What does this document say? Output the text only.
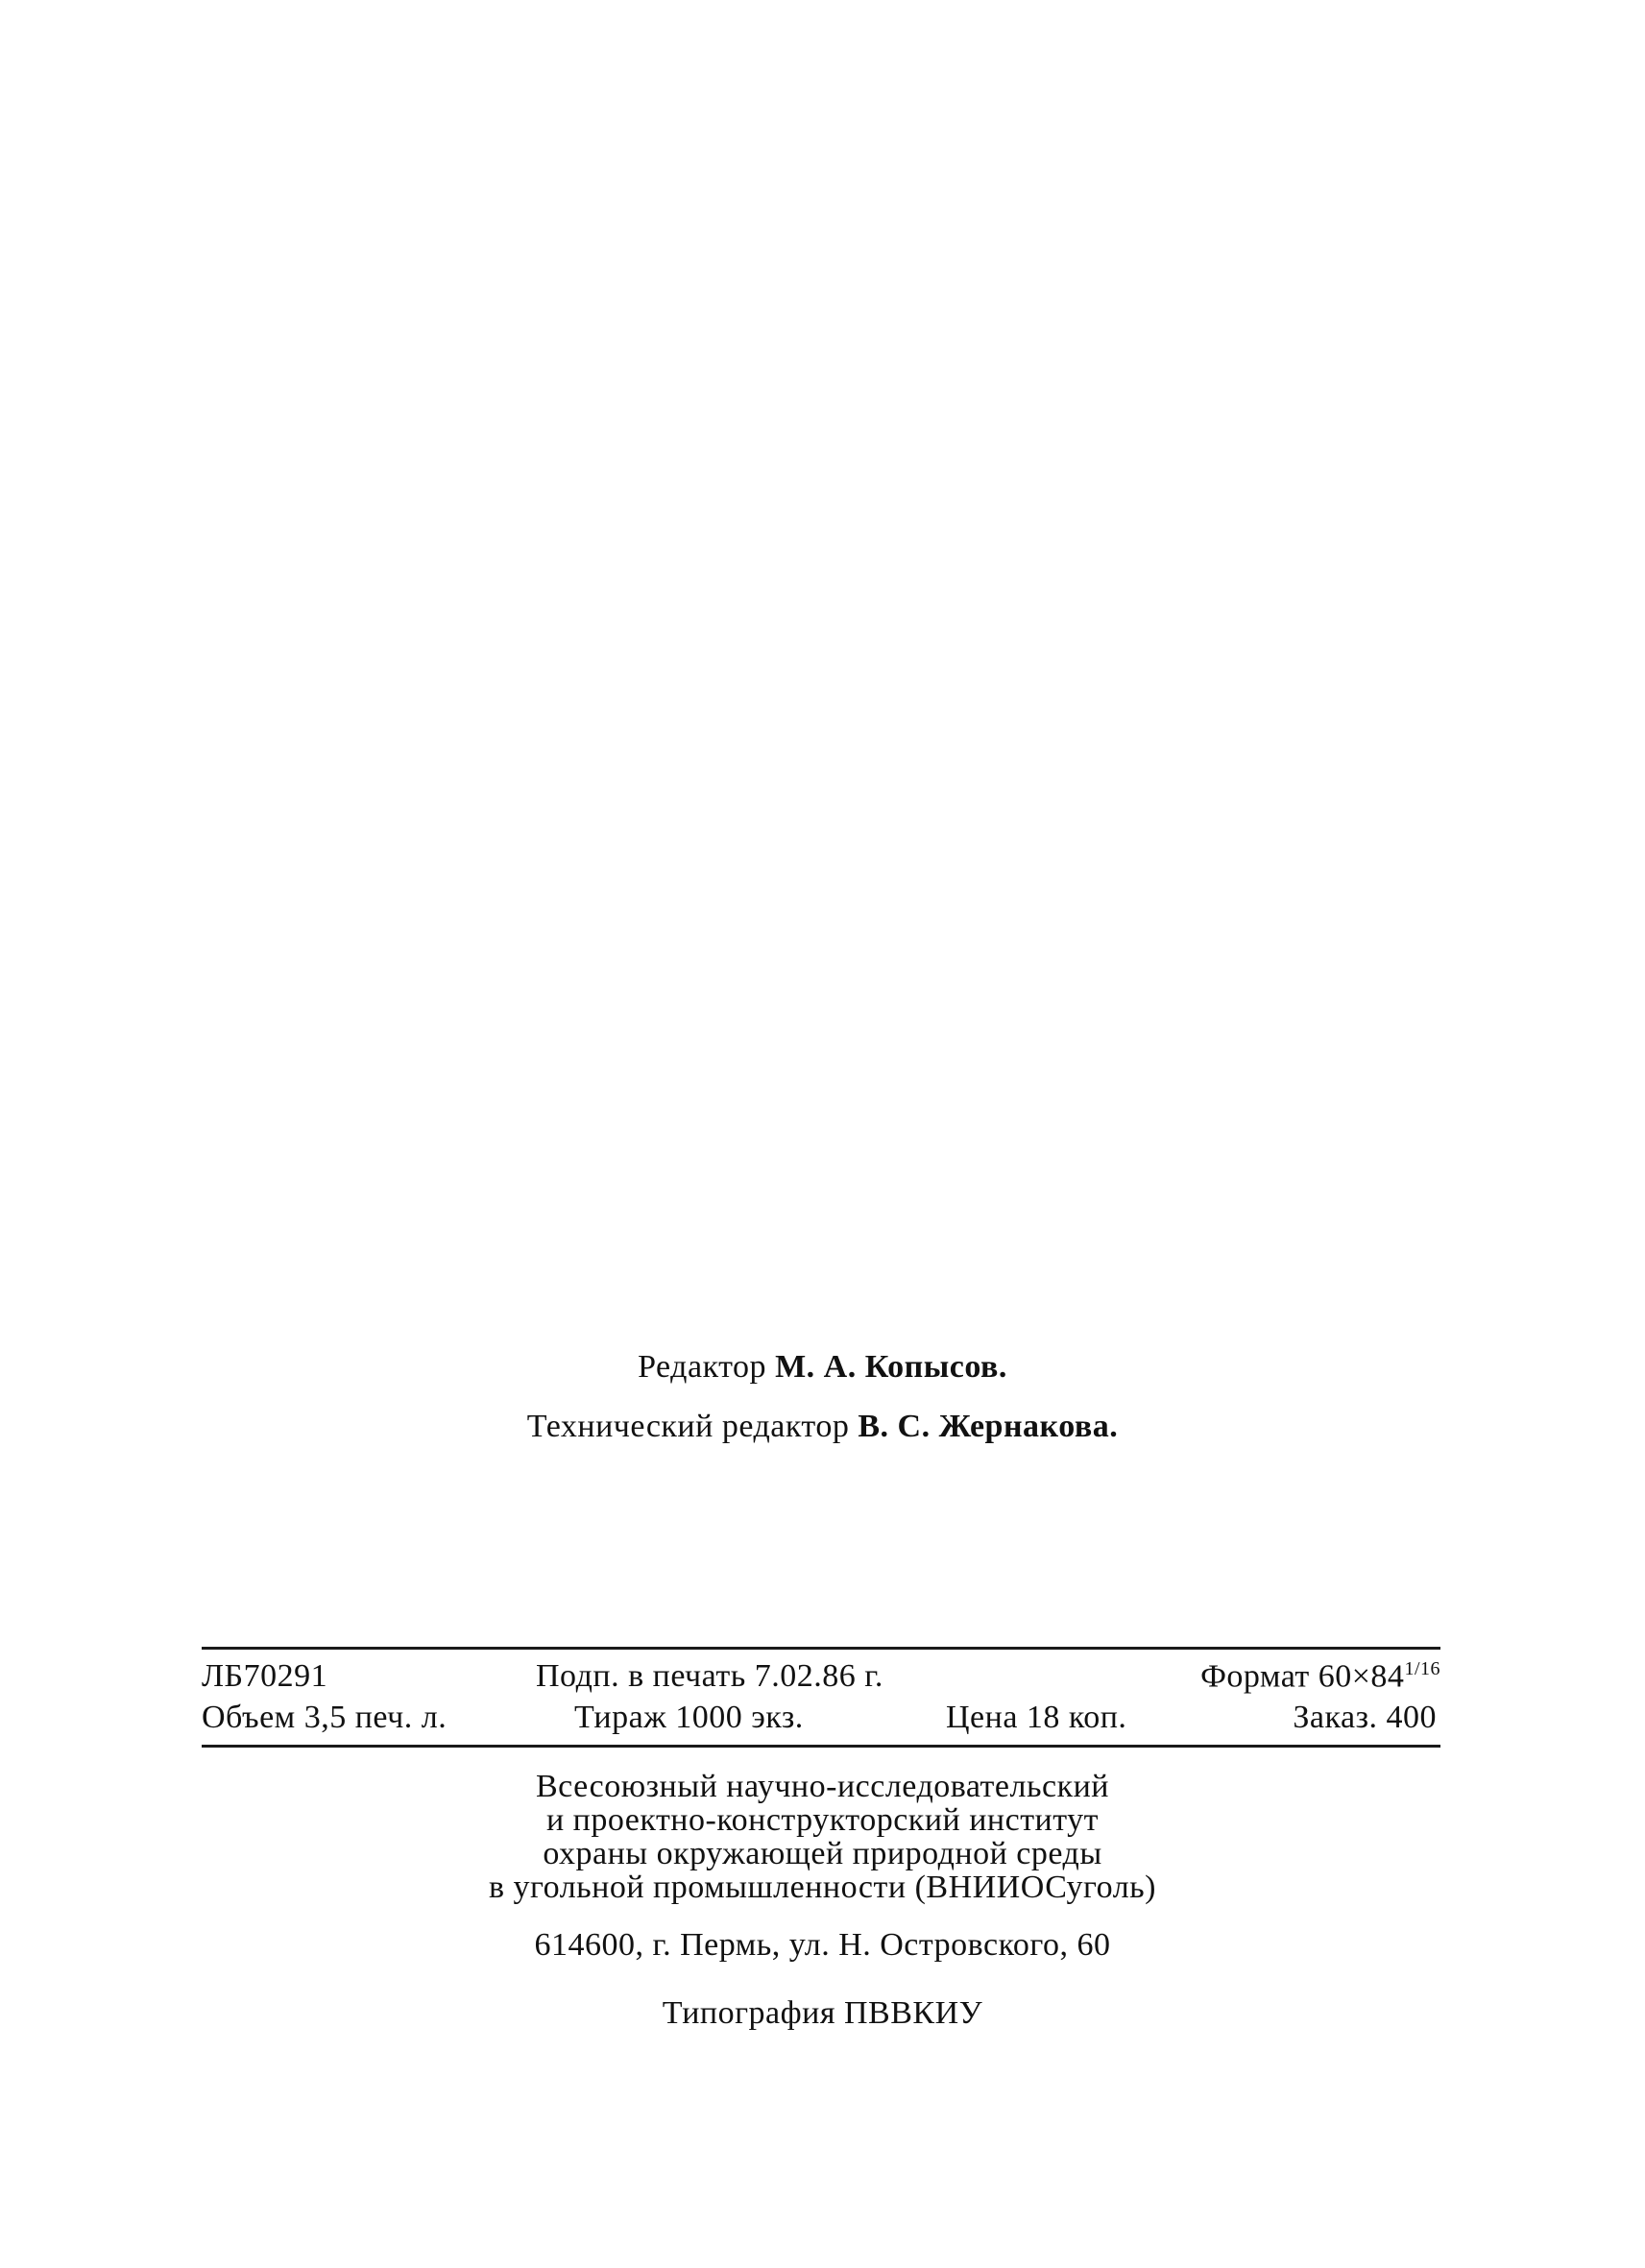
Редактор М. А. Копысов.
Технический редактор В. С. Жернакова.
ЛБ70291	Подп. в печать 7.02.86 г.	Формат $60\times 84^{1/16}$
Объем 3,5 печ. л.	Тираж 1000 экз.	Цена 18 коп.	Заказ. 400
Всесоюзный научно-исследовательский
и проектно-конструкторский институт
охраны окружающей природной среды
в угольной промышленности (ВНИИОСуголь)
614600, г. Пермь, ул. Н. Островского, 60
Типография ПВВКИУ
